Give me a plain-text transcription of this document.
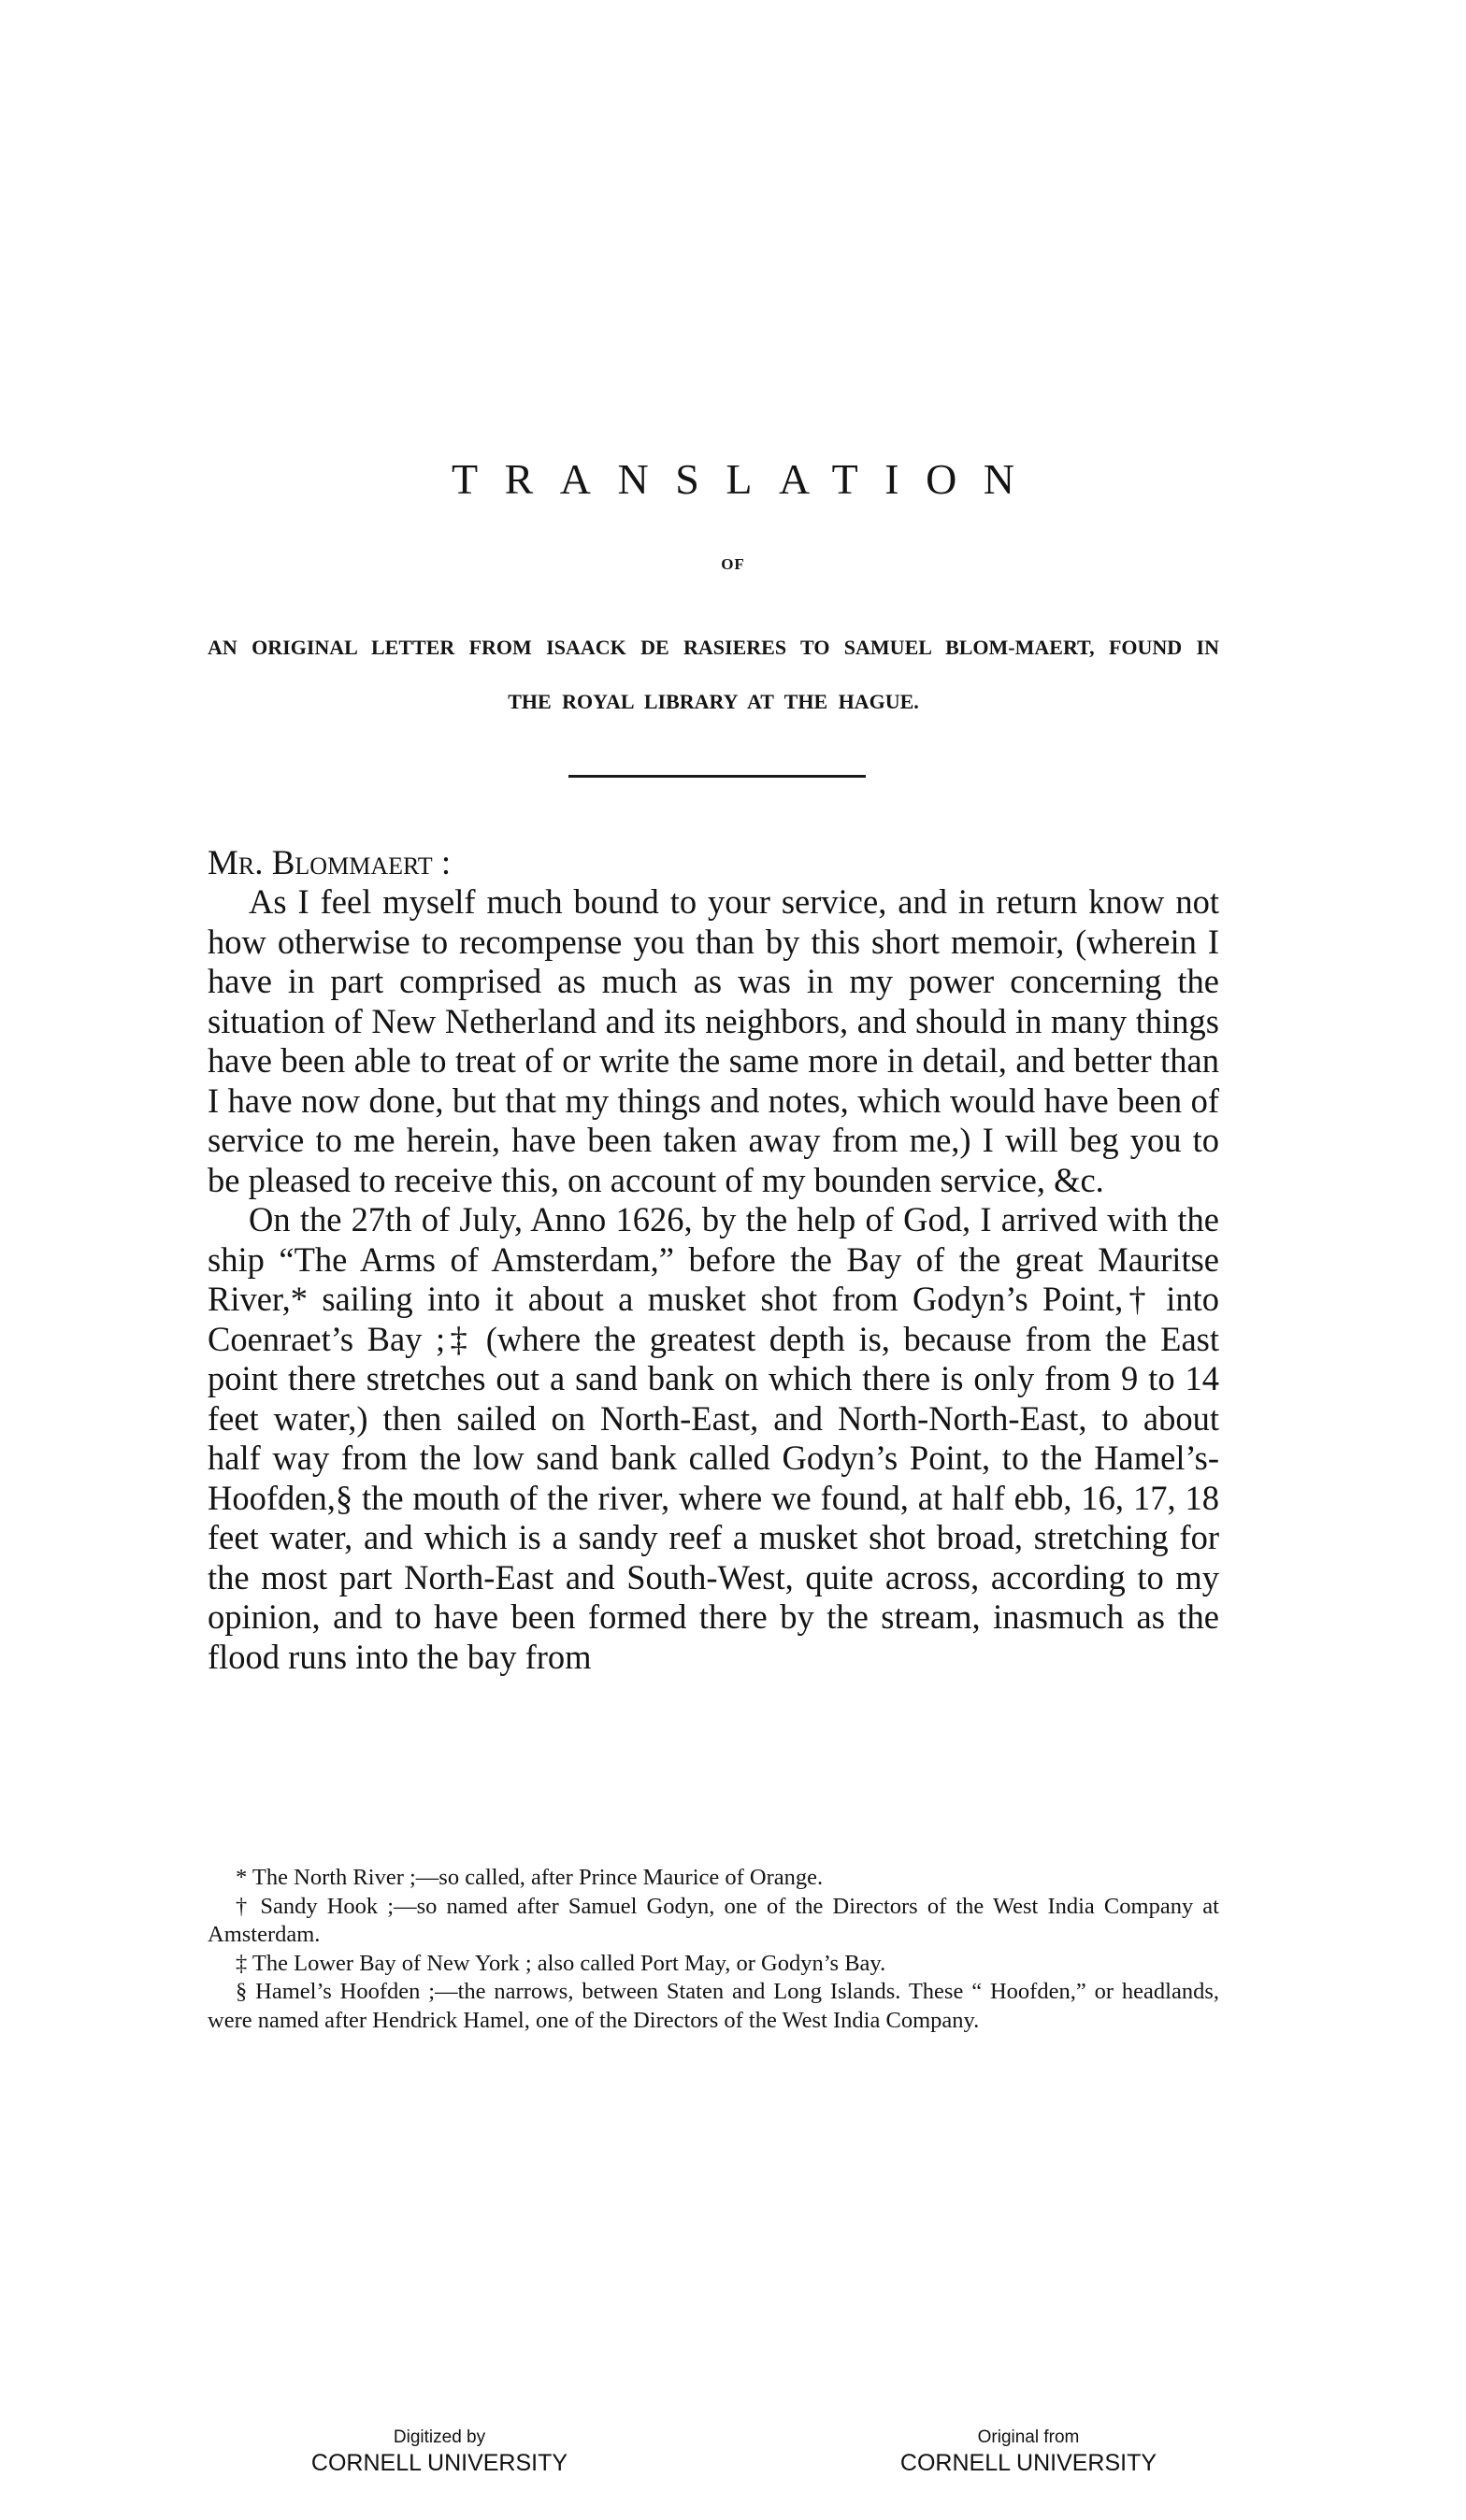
TRANSLATION
OF
AN ORIGINAL LETTER FROM ISAACK DE RASIERES TO SAMUEL BLOM-MAERT, FOUND IN THE ROYAL LIBRARY AT THE HAGUE.
Mr. Blommaert :

As I feel myself much bound to your service, and in return know not how otherwise to recompense you than by this short memoir, (wherein I have in part comprised as much as was in my power concerning the situation of New Netherland and its neighbors, and should in many things have been able to treat of or write the same more in detail, and better than I have now done, but that my things and notes, which would have been of service to me herein, have been taken away from me,) I will beg you to be pleased to receive this, on account of my bounden service, &c.

On the 27th of July, Anno 1626, by the help of God, I arrived with the ship “The Arms of Amsterdam,” before the Bay of the great Mauritse River,* sailing into it about a musket shot from Godyn’s Point,† into Coenraet’s Bay ;‡ (where the greatest depth is, because from the East point there stretches out a sand bank on which there is only from 9 to 14 feet water,) then sailed on North-East, and North-North-East, to about half way from the low sand bank called Godyn’s Point, to the Hamel’s-Hoofden,§ the mouth of the river, where we found, at half ebb, 16, 17, 18 feet water, and which is a sandy reef a musket shot broad, stretching for the most part North-East and South-West, quite across, according to my opinion, and to have been formed there by the stream, inasmuch as the flood runs into the bay from

* The North River ;—so called, after Prince Maurice of Orange.

† Sandy Hook ;—so named after Samuel Godyn, one of the Directors of the West India Company at Amsterdam.

‡ The Lower Bay of New York ; also called Port May, or Godyn’s Bay.

§ Hamel’s Hoofden ;—the narrows, between Staten and Long Islands. These “ Hoofden,” or headlands, were named after Hendrick Hamel, one of the Directors of the West India Company.

Digitized by
CORNELL UNIVERSITY
Original from
CORNELL UNIVERSITY
